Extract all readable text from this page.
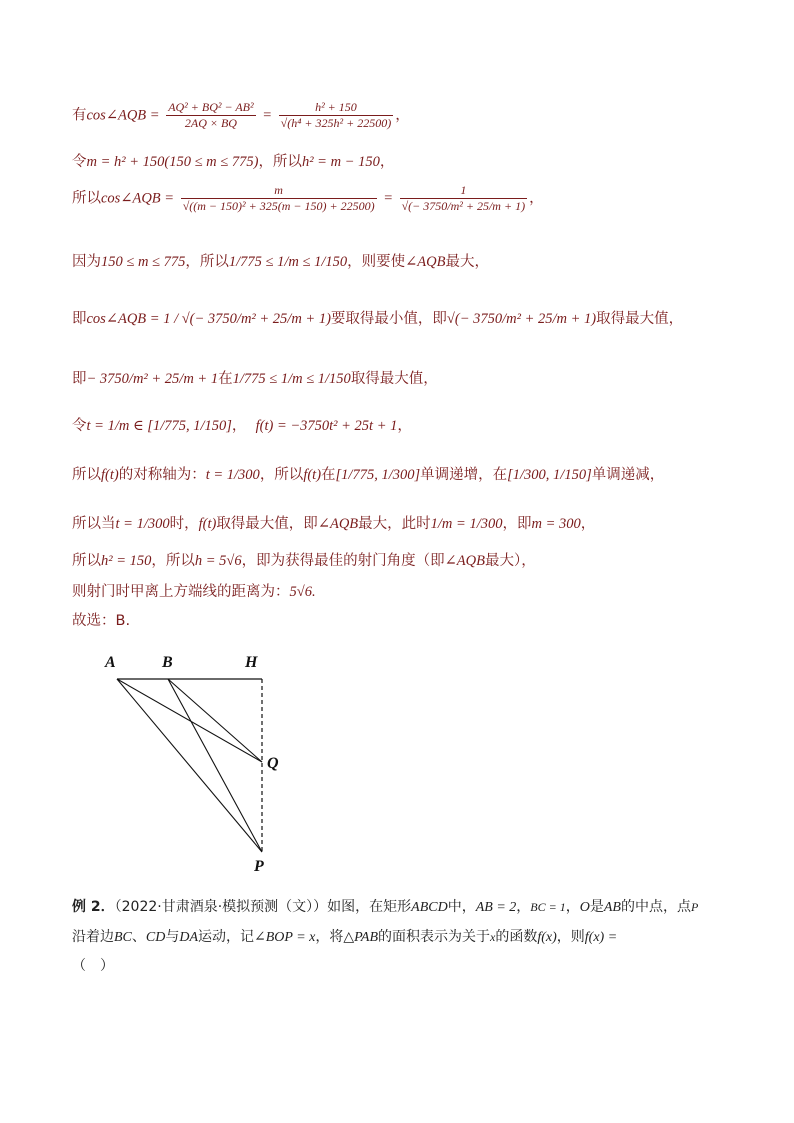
有cos∠AQB = $\frac{\text{AQ² + BQ² − AB²}}{2AQ \times BQ} = \frac{\text{h² + 150}}{\text{√(h⁴ + 325h² + 22500)}}$ ，
令m = h² + 150(150 ≤ m ≤ 775)，所以h² = m − 150，
所以cos∠AQB = $\frac{m}{\text{√((m − 150)² + 325(m − 150) + 22500)}} = \frac{1}{\text{√(− 3750/m² + 25/m + 1)}}$ ，
因为150 ≤ m ≤ 775，所以1/775 ≤ 1/m ≤ 1/150，则要使∠AQB最大，
即cos∠AQB = 1 / √(− 3750/m² + 25/m + 1)要取得最小值，即√(− 3750/m² + 25/m + 1)取得最大值，
即− 3750/m² + 25/m + 1在1/775 ≤ 1/m ≤ 1/150取得最大值，
令t = 1/m ∈ [1/775, 1/150]， f(t) = −3750t² + 25t + 1，
所以f(t)的对称轴为：t = 1/300，所以f(t)在[1/775, 1/300]单调递增，在[1/300, 1/150]单调递减，
所以当t = 1/300时，f(t)取得最大值，即∠AQB最大，此时1/m = 1/300，即m = 300，
所以h² = 150，所以h = 5√6，即为获得最佳的射门角度（即∠AQB最大），
则射门时甲离上方端线的距离为：5√6.
故选：B.
A	B	H
Q
P
例 2．（2022·甘肃酒泉·模拟预测（文））如图，在矩形ABCD中，AB = 2，BC = 1，O是AB的中点，点P
沿着边BC、CD与DA运动，记∠BOP = x，将△PAB的面积表示为关于x的函数f(x)，则f(x) =
（　）
